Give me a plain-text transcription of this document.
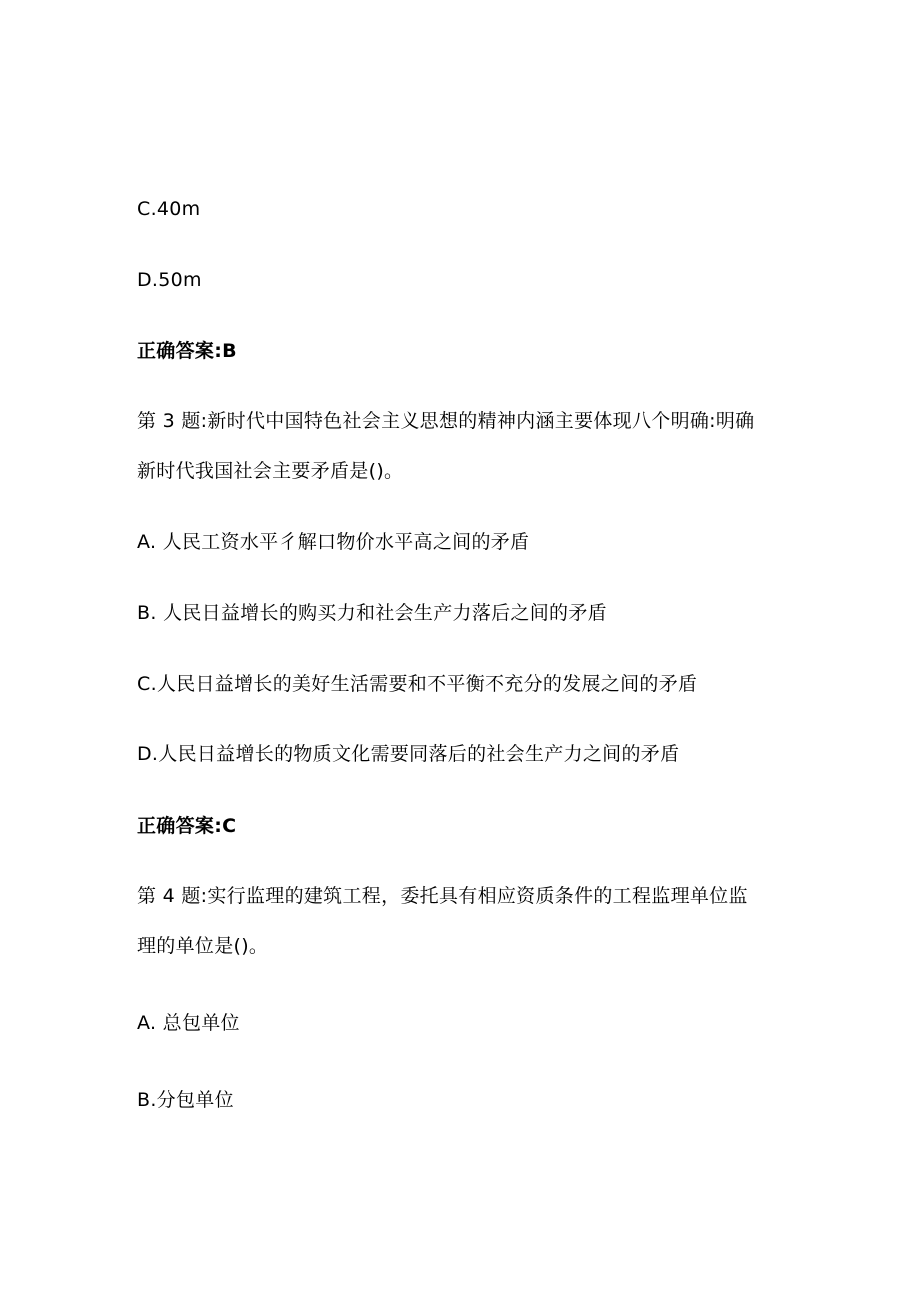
C.40m
D.50m
正确答案:B
第 3 题:新时代中国特色社会主义思想的精神内涵主要体现八个明确:明确
新时代我国社会主要矛盾是()。
A. 人民工资水平彳解口物价水平高之间的矛盾
B. 人民日益增长的购买力和社会生产力落后之间的矛盾
C.人民日益增长的美好生活需要和不平衡不充分的发展之间的矛盾
D.人民日益增长的物质文化需要同落后的社会生产力之间的矛盾
正确答案:C
第 4 题:实行监理的建筑工程，委托具有相应资质条件的工程监理单位监
理的单位是()。
A. 总包单位
B.分包单位
